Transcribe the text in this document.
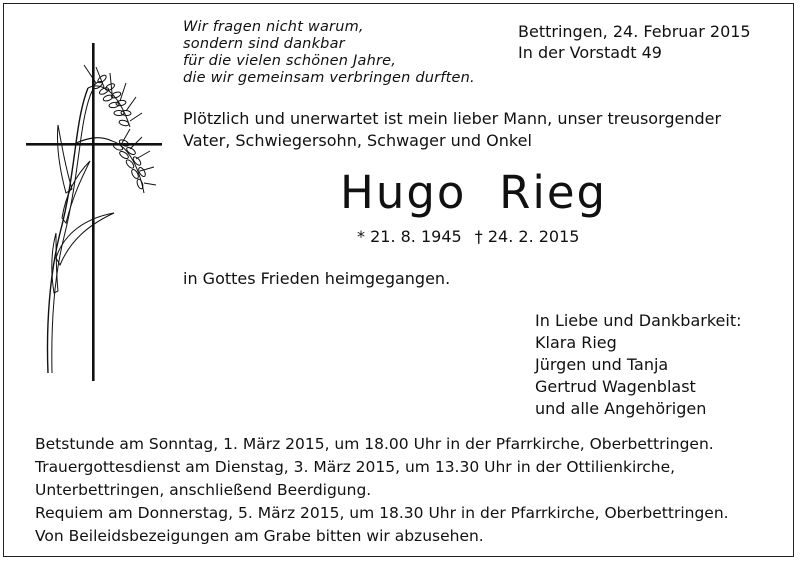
Wir fragen nicht warum,
sondern sind dankbar
für die vielen schönen Jahre,
die wir gemeinsam verbringen durften.
Bettringen, 24. Februar 2015
In der Vorstadt 49
Plötzlich und unerwartet ist mein lieber Mann, unser treusorgender
Vater, Schwiegersohn, Schwager und Onkel
Hugo  Rieg
* 21. 8. 1945 † 24. 2. 2015
in Gottes Frieden heimgegangen.
In Liebe und Dankbarkeit:
Klara Rieg
Jürgen und Tanja
Gertrud Wagenblast
und alle Angehörigen
Betstunde am Sonntag, 1. März 2015, um 18.00 Uhr in der Pfarrkirche, Oberbettringen.
Trauergottesdienst am Dienstag, 3. März 2015, um 13.30 Uhr in der Ottilienkirche,
Unterbettringen, anschließend Beerdigung.
Requiem am Donnerstag, 5. März 2015, um 18.30 Uhr in der Pfarrkirche, Oberbettringen.
Von Beileidsbezeigungen am Grabe bitten wir abzusehen.
